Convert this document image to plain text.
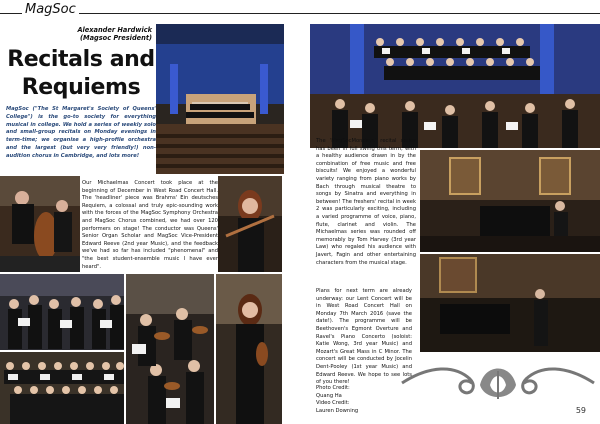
MagSoc
Alexander Hardwick
(Magsoc President)
Recitals and
Requiems
MagSoc ("The St Margaret's Society of Queens' College") is the go-to society for everything musical in college. We hold a series of weekly solo and small-group recitals on Monday evenings in term-time; we organise a high-profile orchestra and the largest (but very very friendly!) non-audition chorus in Cambridge, and lots more!
Our Michaelmas Concert took place at the beginning of December in West Road Concert Hall. The 'headliner' piece was Brahms' Ein deutsches Requiem, a colossal and truly epic-sounding work with the forces of the MagSoc Symphony Orchestra and MagSoc Chorus combined, we had over 120 performers on stage! The conductor was Queens' Senior Organ Scholar and MagSoc Vice-President Edward Reeve (2nd year Music), and the feedback we've had so far has included "phenomenal" and "the best student-ensemble music I have ever heard".
The 'MagSocMondays' recital series has been in full swing this term, with a healthy audience drawn in by the combination of free music and free biscuits! We enjoyed a wonderful variety ranging from piano works by Bach through musical theatre to songs by Sinatra and everything in between! The freshers' recital in week 2 was particularly exciting, including a varied programme of voice, piano, flute, clarinet and violin. The Michaelmas series was rounded off memorably by Tom Harvey (3rd year Law) who regaled his audience with Javert, Fagin and other entertaining characters from the musical stage.
Plans for next term are already underway: our Lent Concert will be in West Road Concert Hall on Monday 7th March 2016 (save the date!). The programme will be Beethoven's Egmont Overture and Ravel's Piano Concerto (soloist: Katie Wong, 3rd year Music) and Mozart's Great Mass in C Minor. The concert will be conducted by Jocelin Dent-Pooley (1st year Music) and Edward Reeve. We hope to see lots of you there!
Photo Credit:
Quang Ha
Video Credit:
Lauren Downing	59
